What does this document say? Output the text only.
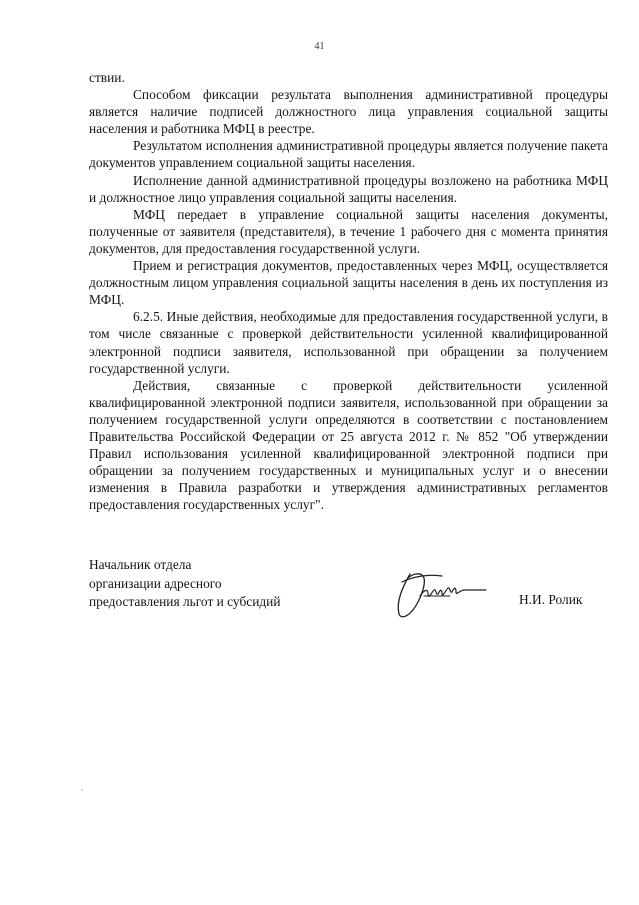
41

ствии.

Способом фиксации результата выполнения административной процедуры является наличие подписей должностного лица управления социальной защиты населения и работника МФЦ в реестре.

Результатом исполнения административной процедуры является получение пакета документов управлением социальной защиты населения.

Исполнение данной административной процедуры возложено на работника МФЦ и должностное лицо управления социальной защиты населения.

МФЦ передает в управление социальной защиты населения документы, полученные от заявителя (представителя), в течение 1 рабочего дня с момента принятия документов, для предоставления государственной услуги.

Прием и регистрация документов, предоставленных через МФЦ, осуществляется должностным лицом управления социальной защиты населения в день их поступления из МФЦ.

6.2.5. Иные действия, необходимые для предоставления государственной услуги, в том числе связанные с проверкой действительности усиленной квалифицированной электронной подписи заявителя, использованной при обращении за получением государственной услуги.

Действия, связанные с проверкой действительности усиленной квалифицированной электронной подписи заявителя, использованной при обращении за получением государственной услуги определяются в соответствии с постановлением Правительства Российской Федерации от 25 августа 2012 г. № 852 "Об утверждении Правил использования усиленной квалифицированной электронной подписи при обращении за получением государственных и муниципальных услуг и о внесении изменения в Правила разработки и утверждения административных регламентов предоставления государственных услуг".

Начальник отдела
организации адресного
предоставления льгот и субсидий	Н.И. Ролик
